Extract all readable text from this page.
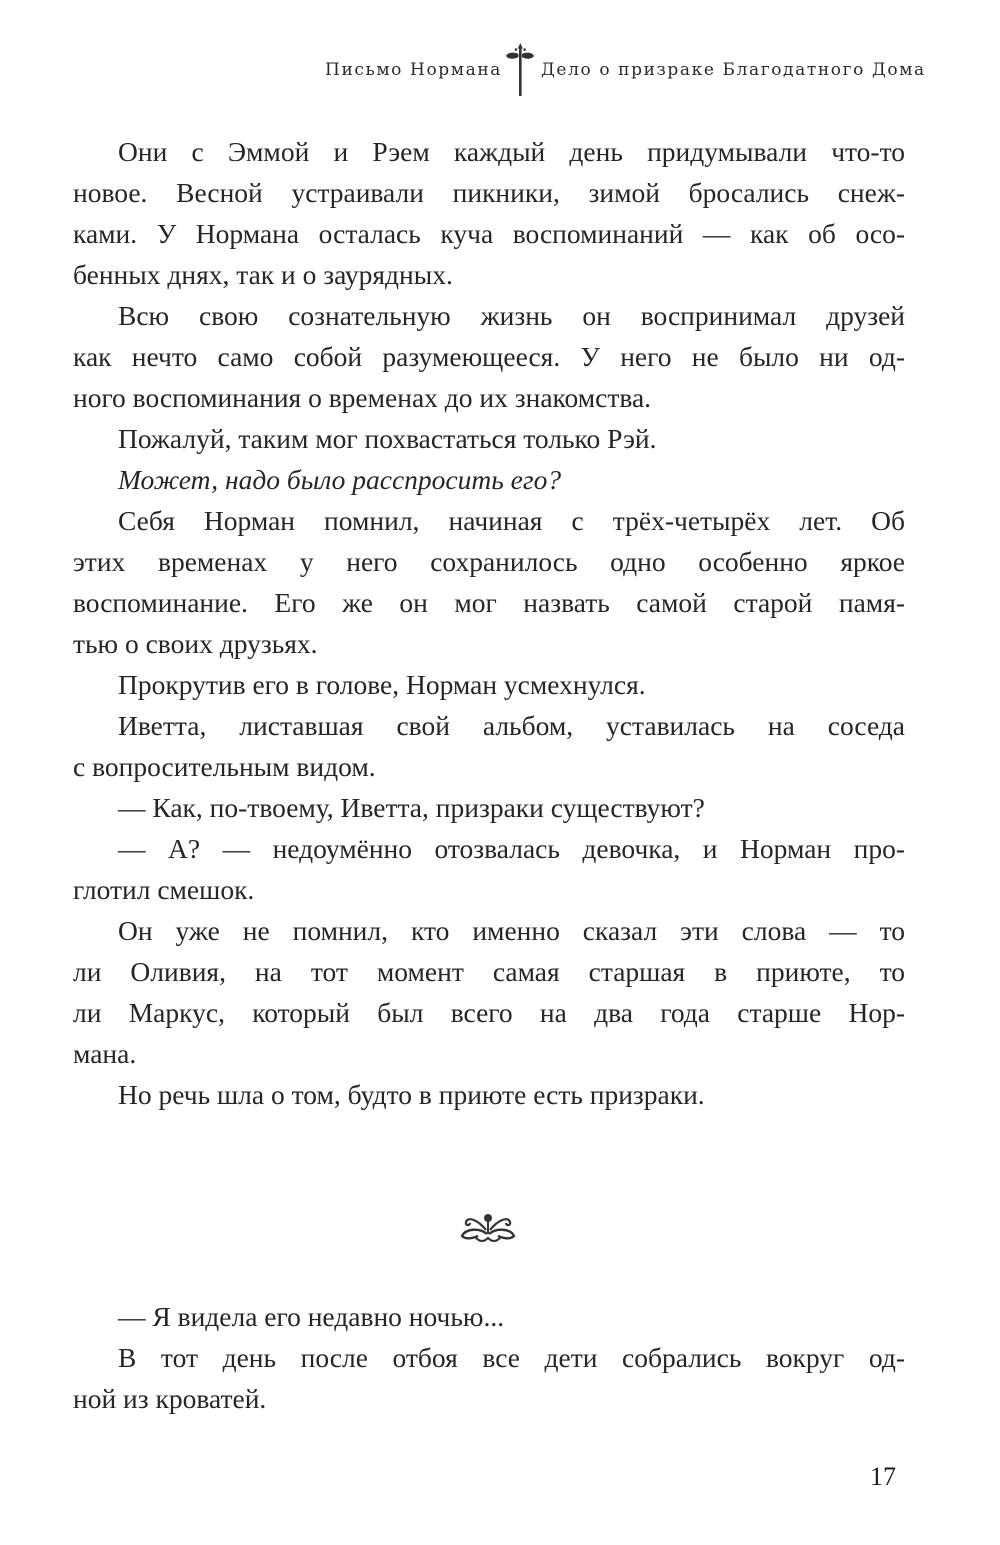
Письмо Нормана Дело о призраке Благодатного Дома
Они с Эммой и Рэем каждый день придумывали что-то
новое. Весной устраивали пикники, зимой бросались снеж-
ками. У Нормана осталась куча воспоминаний — как об осо-
бенных днях, так и о заурядных.
Всю свою сознательную жизнь он воспринимал друзей
как нечто само собой разумеющееся. У него не было ни од-
ного воспоминания о временах до их знакомства.
Пожалуй, таким мог похвастаться только Рэй.
Может, надо было расспросить его?
Себя Норман помнил, начиная с трёх-четырёх лет. Об
этих временах у него сохранилось одно особенно яркое
воспоминание. Его же он мог назвать самой старой памя-
тью о своих друзьях.
Прокрутив его в голове, Норман усмехнулся.
Иветта, листавшая свой альбом, уставилась на соседа
с вопросительным видом.
— Как, по-твоему, Иветта, призраки существуют?
— А? — недоумённо отозвалась девочка, и Норман про-
глотил смешок.
Он уже не помнил, кто именно сказал эти слова — то
ли Оливия, на тот момент самая старшая в приюте, то
ли Маркус, который был всего на два года старше Нор-
мана.
Но речь шла о том, будто в приюте есть призраки.
— Я видела его недавно ночью...
В тот день после отбоя все дети собрались вокруг од-
ной из кроватей.
17
